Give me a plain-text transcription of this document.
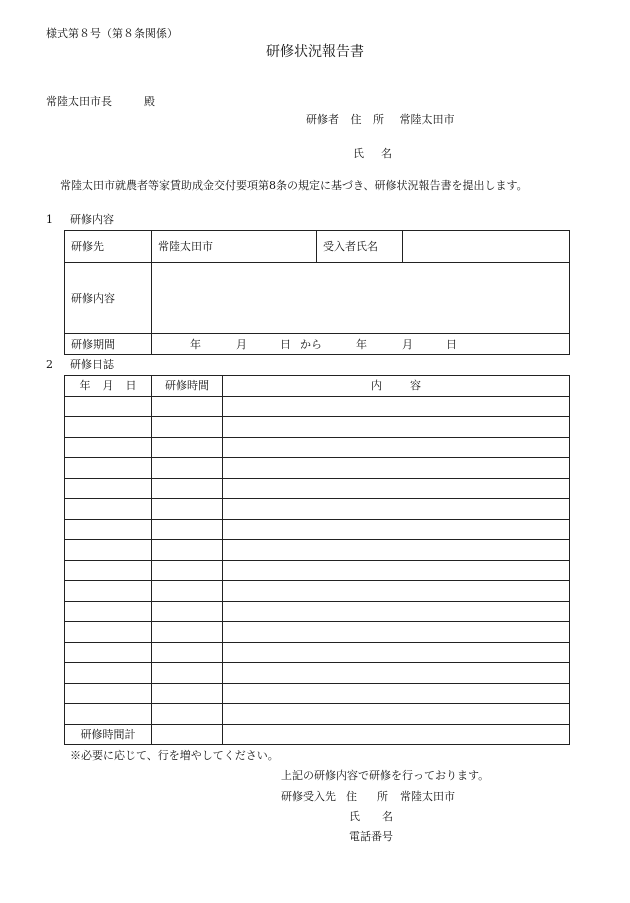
様式第８号（第８条関係）
研修状況報告書
常陸太田市長	殿
研修者 住 所 常陸太田市
氏 名
常陸太田市就農者等家賃助成金交付要項第8条の規定に基づき、研修状況報告書を提出します。
1 研修内容
研修先	常陸太田市	受入者氏名	
研修内容			
研修期間	年 月 日 から 年 月 日		
2 研修日誌
年 月 日	研修時間	内 容

研修時間計		
※必要に応じて、行を増やしてください。
上記の研修内容で研修を行っております。
研修受入先 住 所 常陸太田市
氏 名
電話番号
